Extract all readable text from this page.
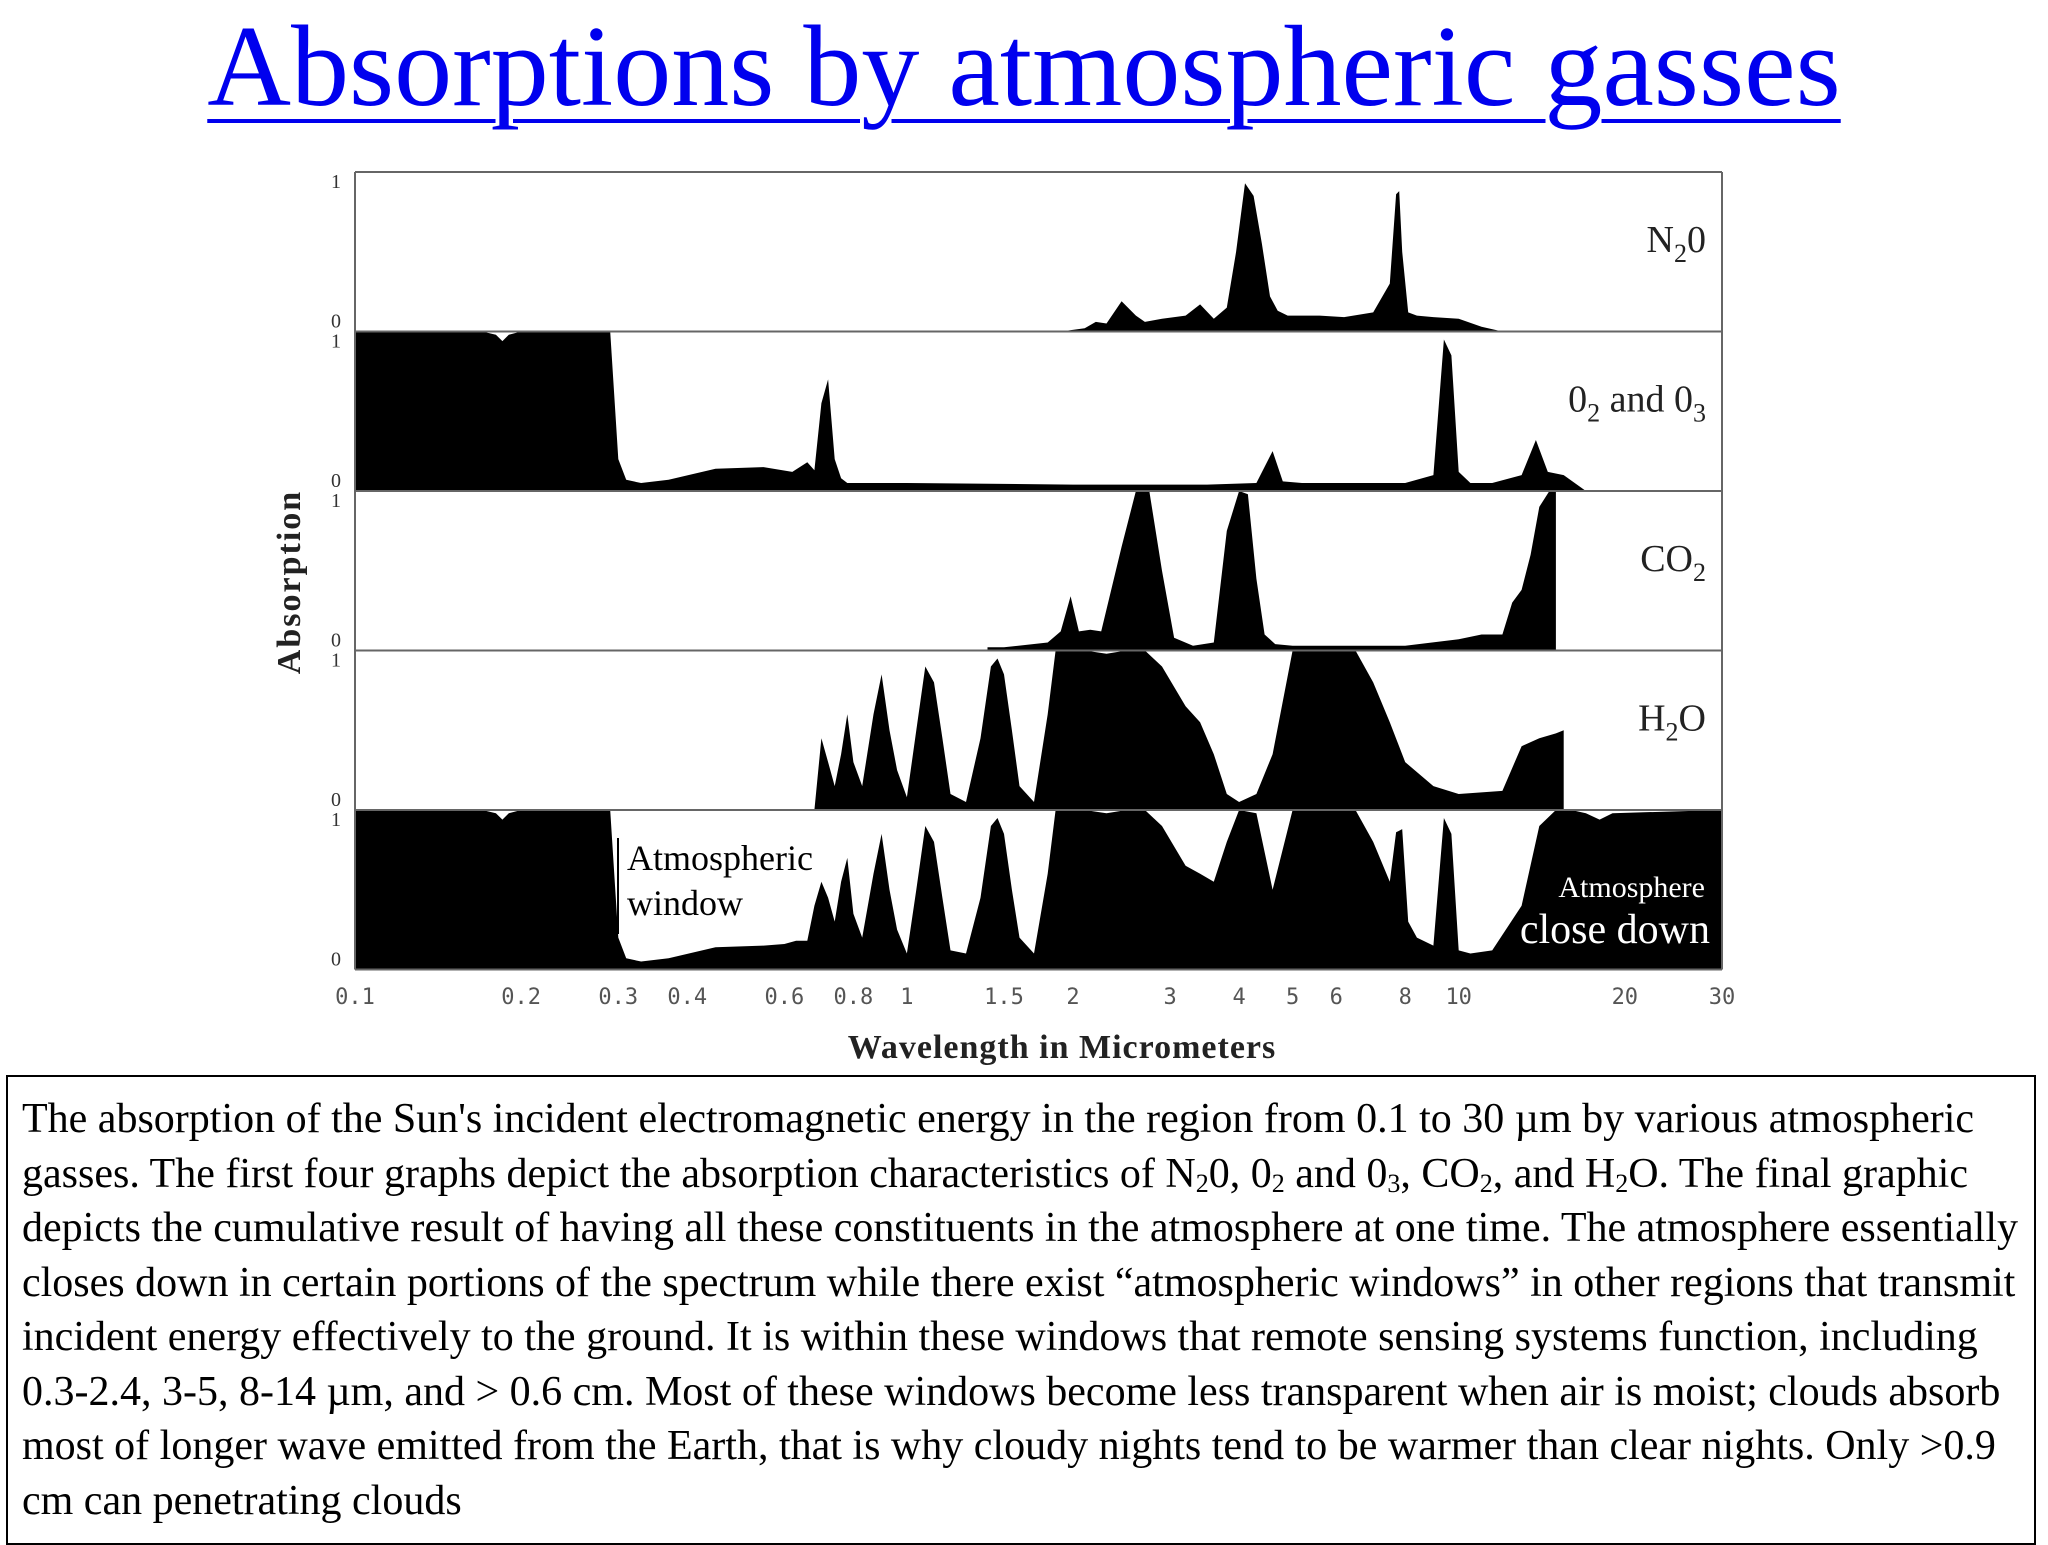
Absorptions by atmospheric gasses
1
0
$N_20$
1
0
$0_2$ and $0_3$
1
0
$CO_2$
1
0
$H_2O$
1
0
Atmosphere
close down
Atmospheric
window
0.1	0.2	0.3 0.4	0.6 0.8 1	1.5 2	3	4 5 6	8 10	20	30
Wavelength in Micrometers
Absorption

The absorption of the Sun's incident electromagnetic energy in the region from 0.1 to 30 µm by various atmospheric gasses. The first four graphs depict the absorption characteristics of $N_20$, $0_2$ and $0_3$, $CO_2$, and $H_2O$. The final graphic depicts the cumulative result of having all these constituents in the atmosphere at one time. The atmosphere essentially closes down in certain portions of the spectrum while there exist “atmospheric windows” in other regions that transmit incident energy effectively to the ground. It is within these windows that remote sensing systems function, including 0.3-2.4, 3-5, 8-14 µm, and > 0.6 cm. Most of these windows become less transparent when air is moist; clouds absorb most of longer wave emitted from the Earth, that is why cloudy nights tend to be warmer than clear nights. Only >0.9 cm can penetrating clouds
